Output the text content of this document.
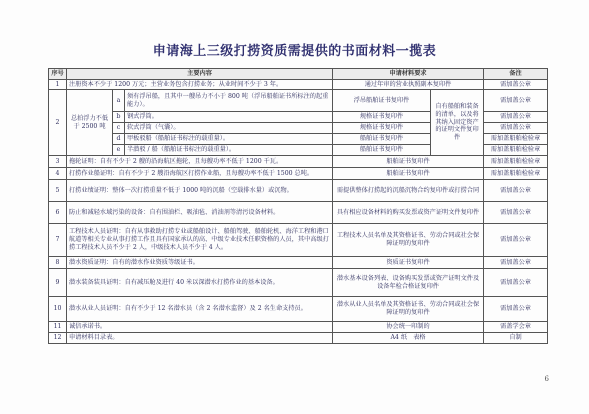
申请海上三级打捞资质需提供的书面材料一揽表
序号	主要内容			申请材料要求		备注
1	注册资本不少于 1200 万元；主营业务包含打捞业务；从业时间不少于 3 年。			通过年审的营业执照副本复印件		需加盖公章
2	总拍浮力不低于 2500 吨	a	须有浮吊船，且其中一艘吊力不小于 800 吨（浮吊船舶证书所标注的起重能力）。	浮吊船舶证书复印件	自有船舶和装备的清单，以及将其纳入固定资产的证明文件复印件	需加盖公章
		b	钢式浮筒。	规格证书复印件		需加盖公章
		c	软式浮筒（气囊）。	规格证书复印件		需加盖公章
		d	甲板驳船（船舶证书标注的载重量）。	船舶证书复印件		需加盖船舶检验章
		e	半潜驳 / 船（船舶证书标注的载重量）。	船舶证书复印件		需加盖船舶检验章
3	拖轮证明：自有不少于 2 艘的沿海航区拖轮，且每艘功率不低于 1200 千瓦。			船舶证书复印件		需加盖船舶检验章
4	打捞作业船证明：自有不少于 2 艘沿海航区打捞作业船，且每艘功率不低于 1500 总吨。			船舶证书复印件		需加盖船舶检验章
5	打捞业绩证明：整体一次打捞重量不低于 1000 吨的沉船（空载排水量）或沉物。			需提供整体打捞起的沉船沉物合约复印件或打捞合同		需加盖公章
6	防止和减轻水域污染的设备：自有围油栏、吸油毡、消油剂等清污设备材料。			具有相应设备材料的购买发票或资产证明文件复印件		需加盖公章
7	工程技术人员证明：自有从事救助打捞专业或船舶设计、船舶驾驶、船舶轮机、海洋工程和港口航道等相关专业从事打捞工作且具有国家承认的高、中级专业技术任职资格的人员，其中高级打捞工程技术人员不少于 2 人，中级技术人员不少于 4 人。			工程技术人员名单及其资格证书、劳动合同或社会保障证明的复印件		需加盖公章
8	潜水资质证明：自有的潜水作业资质等级证书。			资质证书复印件		需加盖公章
9	潜水装备装具证明：自有减压舱及进行 40 米以深潜水打捞作业的基本设备。			潜水基本设备列表、设备购买发票或资产证明文件及设备年检合格证复印件		需加盖公章
10	潜水从业人员证明：自有不少于 12 名潜水员（含 2 名潜水监督）及 2 名生命支持员。			潜水从业人员名单及其资格证书、劳动合同或社会保障证明的复印件		需加盖公章
11	诚信承诺书。			协会统一印制的		需盖学会章
12	申请材料目录表。			A4 纸　表格		自制
6
